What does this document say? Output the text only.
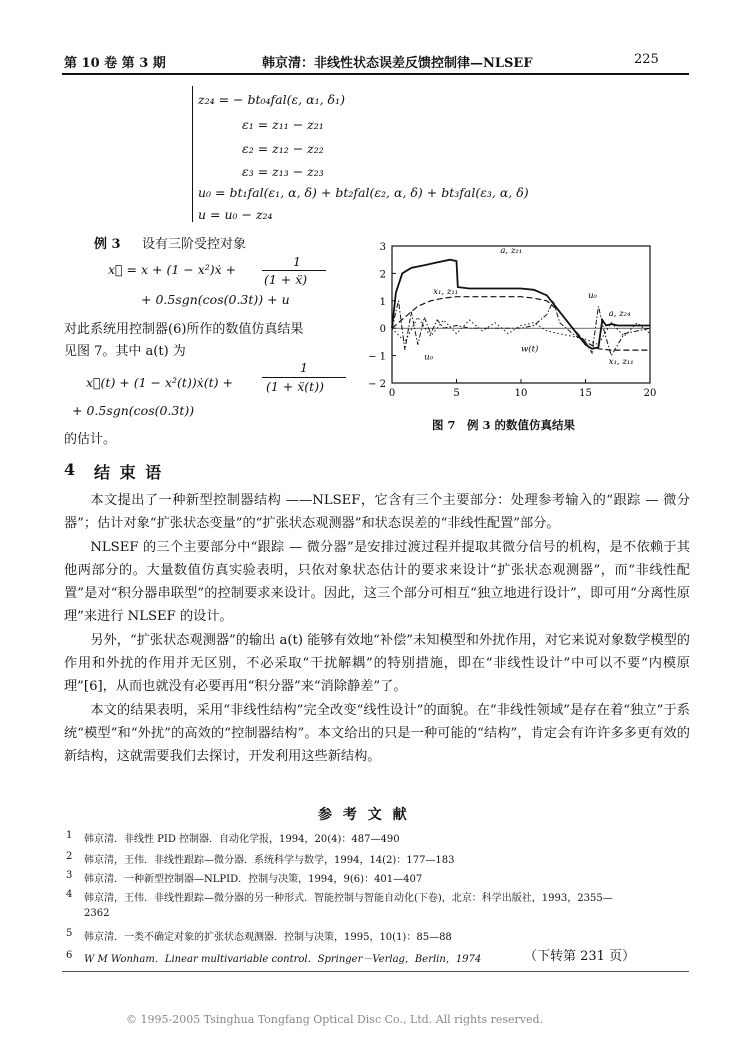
第 10 卷 第 3 期	韩京清：非线性状态误差反馈控制律—NLSEF	225
z₂₄ = − bt₀₄fal(ε, α₁, δ₁)
ε₁ = z₁₁ − z₂₁
ε₂ = z₁₂ − z₂₂
ε₃ = z₁₃ − z₂₃
u₀ = bt₁fal(ε₁, α, δ) + bt₂fal(ε₂, α, δ) + bt₃fal(ε₃, α, δ)
u = u₀ − z₂₄
例 3 设有三阶受控对象
x⃛ = x + (1 − x²)ẋ +
1
(1 + ẍ)
+ 0.5sgn(cos(0.3t)) + u
对此系统用控制器(6)所作的数值仿真结果
见图 7。其中 a(t) 为
x⃛(t) + (1 − x²(t))ẋ(t) +
1
(1 + ẍ(t))
+ 0.5sgn(cos(0.3t))
的估计。
3
2
1
0
− 1
− 2
0	5	10	15	20
a, z₂₁
x₁, z₁₁	u₀
a, z₂₄
w(t)
u₀	x₁, z₁₁
图 7　例 3 的数值仿真结果
4 结 束 语

本文提出了一种新型控制器结构 ——NLSEF，它含有三个主要部分：处理参考输入的“跟踪 — 微分器”；估计对象“扩张状态变量”的“扩张状态观测器”和状态误差的“非线性配置”部分。

NLSEF 的三个主要部分中“跟踪 — 微分器”是安排过渡过程并提取其微分信号的机构，是不依赖于其他两部分的。大量数值仿真实验表明，只依对象状态估计的要求来设计“扩张状态观测器”，而“非线性配置”是对“积分器串联型”的控制要求来设计。因此，这三个部分可相互“独立地进行设计”，即可用“分离性原理”来进行 NLSEF 的设计。

另外，“扩张状态观测器”的输出 a(t) 能够有效地“补偿”未知模型和外扰作用，对它来说对象数学模型的作用和外扰的作用并无区别，不必采取“干扰解耦”的特别措施，即在“非线性设计”中可以不要“内模原理”[6]，从而也就没有必要再用“积分器”来“消除静差”了。

本文的结果表明，采用“非线性结构”完全改变“线性设计”的面貌。在“非线性领域”是存在着“独立”于系统“模型”和“外扰”的高效的“控制器结构”。本文给出的只是一种可能的“结构”，肯定会有许许多多更有效的新结构，这就需要我们去探讨，开发利用这些新结构。

参 考 文 献
1 韩京清．非线性 PID 控制器．自动化学报，1994，20(4)：487—490
2 韩京清，王伟．非线性跟踪—微分器．系统科学与数学，1994，14(2)：177—183
3 韩京清．一种新型控制器—NLPID．控制与决策，1994，9(6)：401—407
4 韩京清，王伟．非线性跟踪—微分器的另一种形式．智能控制与智能自动化(下卷)，北京：科学出版社，1993，2355—
2362
5 韩京清．一类不确定对象的扩张状态观测器．控制与决策，1995，10(1)：85—88
6 W M Wonham．Linear multivariable control．Springer－Verlag，Berlin，1974	（下转第 231 页）
© 1995-2005 Tsinghua Tongfang Optical Disc Co., Ltd. All rights reserved.
